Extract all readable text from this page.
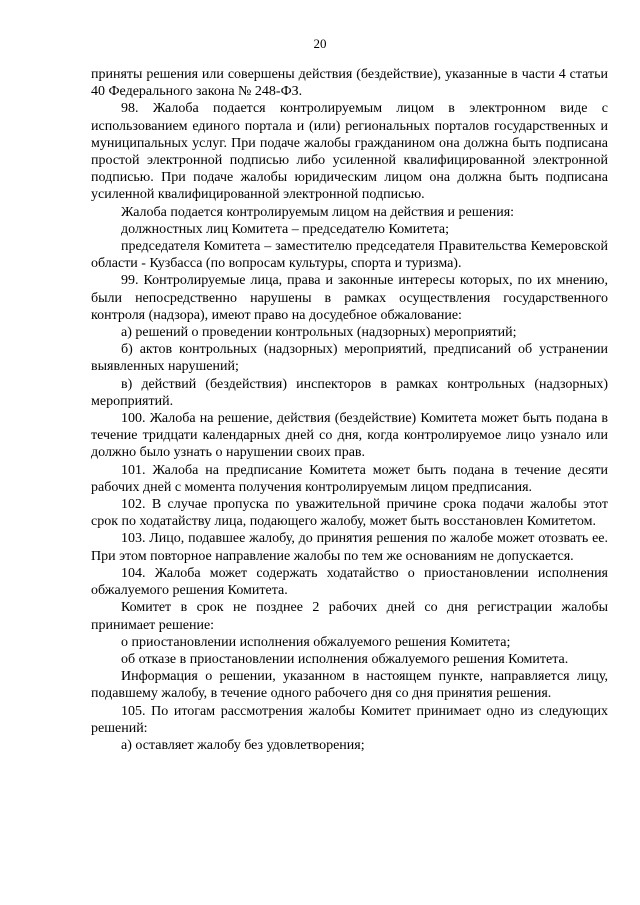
20

приняты решения или совершены действия (бездействие), указанные в части 4 статьи 40 Федерального закона № 248-ФЗ.

98. Жалоба подается контролируемым лицом в электронном виде с использованием единого портала и (или) региональных порталов государственных и муниципальных услуг. При подаче жалобы гражданином она должна быть подписана простой электронной подписью либо усиленной квалифицированной электронной подписью. При подаче жалобы юридическим лицом она должна быть подписана усиленной квалифицированной электронной подписью.

Жалоба подается контролируемым лицом на действия и решения:

должностных лиц Комитета – председателю Комитета;

председателя Комитета – заместителю председателя Правительства Кемеровской области - Кузбасса (по вопросам культуры, спорта и туризма).

99. Контролируемые лица, права и законные интересы которых, по их мнению, были непосредственно нарушены в рамках осуществления государственного контроля (надзора), имеют право на досудебное обжалование:

а) решений о проведении контрольных (надзорных) мероприятий;

б) актов контрольных (надзорных) мероприятий, предписаний об устранении выявленных нарушений;

в) действий (бездействия) инспекторов в рамках контрольных (надзорных) мероприятий.

100. Жалоба на решение, действия (бездействие) Комитета может быть подана в течение тридцати календарных дней со дня, когда контролируемое лицо узнало или должно было узнать о нарушении своих прав.

101. Жалоба на предписание Комитета может быть подана в течение десяти рабочих дней с момента получения контролируемым лицом предписания.

102. В случае пропуска по уважительной причине срока подачи жалобы этот срок по ходатайству лица, подающего жалобу, может быть восстановлен Комитетом.

103. Лицо, подавшее жалобу, до принятия решения по жалобе может отозвать ее. При этом повторное направление жалобы по тем же основаниям не допускается.

104. Жалоба может содержать ходатайство о приостановлении исполнения обжалуемого решения Комитета.

Комитет в срок не позднее 2 рабочих дней со дня регистрации жалобы принимает решение:

о приостановлении исполнения обжалуемого решения Комитета;

об отказе в приостановлении исполнения обжалуемого решения Комитета.

Информация о решении, указанном в настоящем пункте, направляется лицу, подавшему жалобу, в течение одного рабочего дня со дня принятия решения.

105. По итогам рассмотрения жалобы Комитет принимает одно из следующих решений:

а) оставляет жалобу без удовлетворения;
